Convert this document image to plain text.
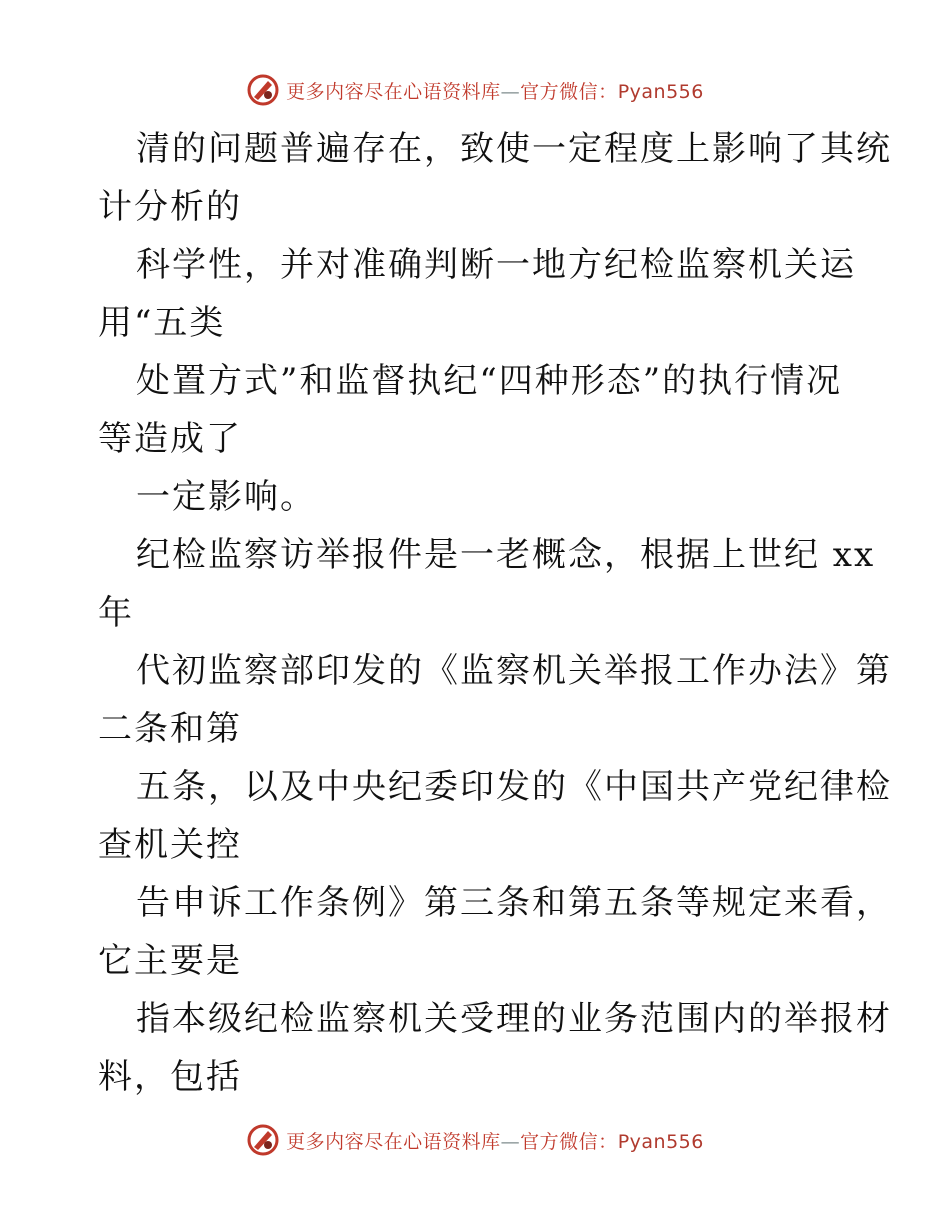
更多内容尽在心语资料库—官方微信：Pyan556
清的问题普遍存在，致使一定程度上影响了其统
计分析的
科学性，并对准确判断一地方纪检监察机关运
用“五类
处置方式”和监督执纪“四种形态”的执行情况
等造成了
一定影响。
纪检监察访举报件是一老概念，根据上世纪 xx
年
代初监察部印发的《监察机关举报工作办法》第
二条和第
五条，以及中央纪委印发的《中国共产党纪律检
查机关控
告申诉工作条例》第三条和第五条等规定来看，
它主要是
指本级纪检监察机关受理的业务范围内的举报材
料，包括
更多内容尽在心语资料库—官方微信：Pyan556
